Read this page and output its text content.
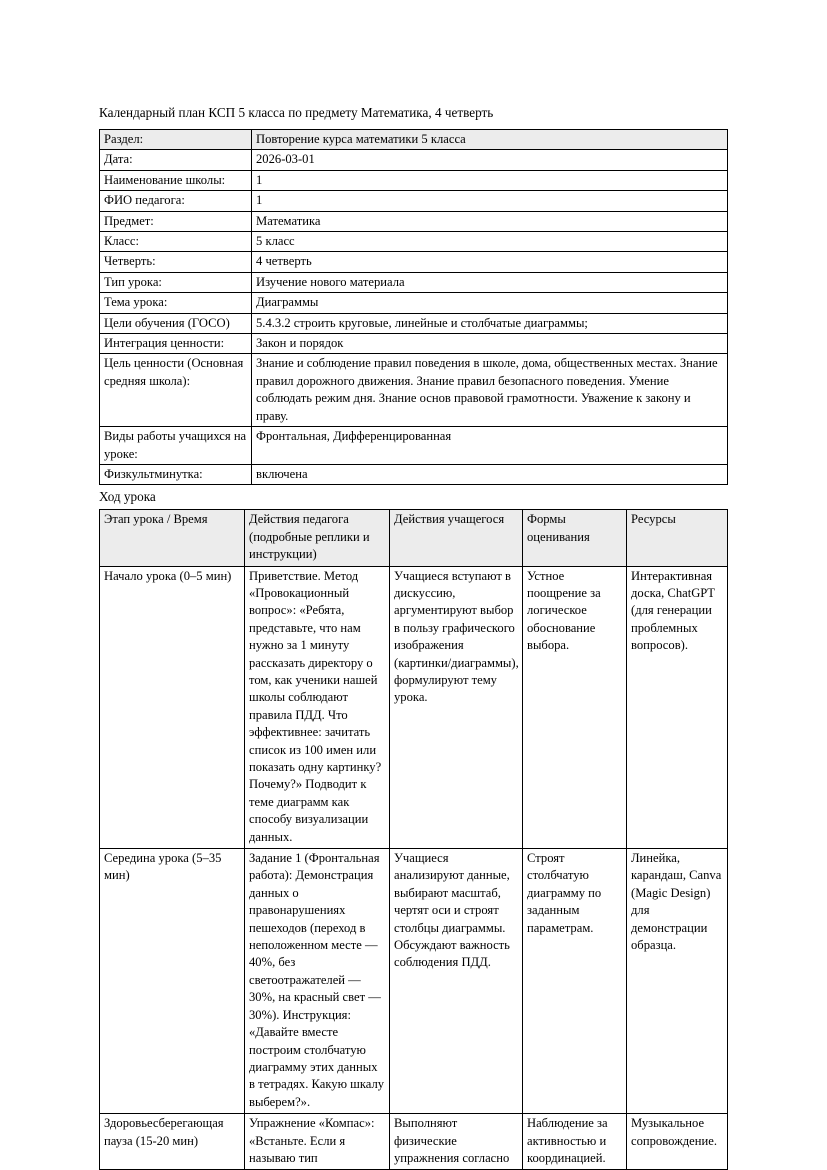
Календарный план КСП 5 класса по предмету Математика, 4 четверть

Раздел:	Повторение курса математики 5 класса
Дата:	2026-03-01
Наименование школы:	1
ФИО педагога:	1
Предмет:	Математика
Класс:	5 класс
Четверть:	4 четверть
Тип урока:	Изучение нового материала
Тема урока:	Диаграммы
Цели обучения (ГОСО)	5.4.3.2 строить круговые, линейные и столбчатые диаграммы;
Интеграция ценности:	Закон и порядок
Цель ценности (Основная средняя школа):	Знание и соблюдение правил поведения в школе, дома, общественных местах. Знание правил дорожного движения. Знание правил безопасного поведения. Умение соблюдать режим дня. Знание основ правовой грамотности. Уважение к закону и праву.
Виды работы учащихся на уроке:	Фронтальная, Дифференцированная
Физкультминутка:	включена

Ход урока

Этап урока / Время	Действия педагога (подробные реплики и инструкции)	Действия учащегося	Формы оценивания	Ресурсы
Начало урока (0–5 мин)	Приветствие. Метод «Провокационный вопрос»: «Ребята, представьте, что нам нужно за 1 минуту рассказать директору о том, как ученики нашей школы соблюдают правила ПДД. Что эффективнее: зачитать список из 100 имен или показать одну картинку? Почему?» Подводит к теме диаграмм как способу визуализации данных.	Учащиеся вступают в дискуссию, аргументируют выбор в пользу графического изображения (картинки/диаграммы), формулируют тему урока.	Устное поощрение за логическое обоснование выбора.	Интерактивная доска, ChatGPT (для генерации проблемных вопросов).
Середина урока (5–35 мин)	Задание 1 (Фронтальная работа): Демонстрация данных о правонарушениях пешеходов (переход в неположенном месте — 40%, без светоотражателей — 30%, на красный свет — 30%). Инструкция: «Давайте вместе построим столбчатую диаграмму этих данных в тетрадях. Какую шкалу выберем?».	Учащиеся анализируют данные, выбирают масштаб, чертят оси и строят столбцы диаграммы. Обсуждают важность соблюдения ПДД.	Строят столбчатую диаграмму по заданным параметрам.	Линейка, карандаш, Canva (Magic Design) для демонстрации образца.
Здоровьесберегающая пауза (15-20 мин)	Упражнение «Компас»: «Встаньте. Если я называю тип	Выполняют физические упражнения согласно	Наблюдение за активностью и координацией.	Музыкальное сопровождение.
